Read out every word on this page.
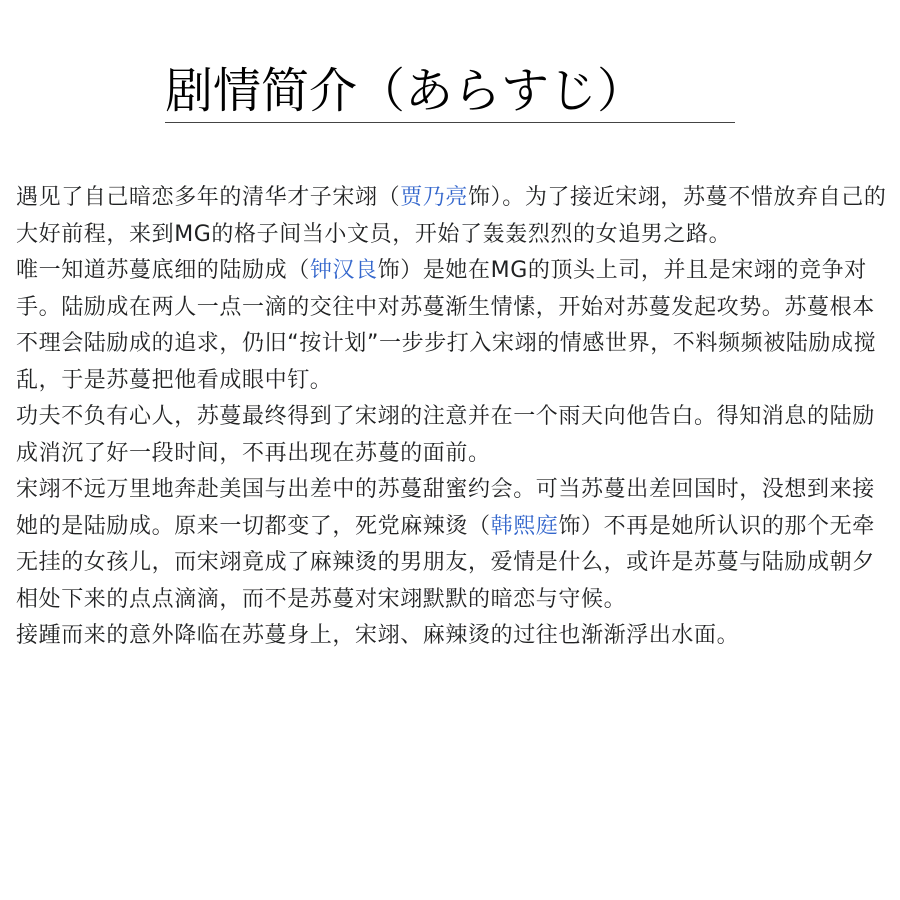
剧情简介（あらすじ）

遇见了自己暗恋多年的清华才子宋翊（贾乃亮饰）。为了接近宋翊，苏蔓不惜放弃自己的大好前程，来到MG的格子间当小文员，开始了轰轰烈烈的女追男之路。

唯一知道苏蔓底细的陆励成（钟汉良饰）是她在MG的顶头上司，并且是宋翊的竞争对手。陆励成在两人一点一滴的交往中对苏蔓渐生情愫，开始对苏蔓发起攻势。苏蔓根本不理会陆励成的追求，仍旧“按计划”一步步打入宋翊的情感世界，不料频频被陆励成搅乱，于是苏蔓把他看成眼中钉。

功夫不负有心人，苏蔓最终得到了宋翊的注意并在一个雨天向他告白。得知消息的陆励成消沉了好一段时间，不再出现在苏蔓的面前。

宋翊不远万里地奔赴美国与出差中的苏蔓甜蜜约会。可当苏蔓出差回国时，没想到来接她的是陆励成。原来一切都变了，死党麻辣烫（韩熙庭饰）不再是她所认识的那个无牵无挂的女孩儿，而宋翊竟成了麻辣烫的男朋友，爱情是什么，或许是苏蔓与陆励成朝夕相处下来的点点滴滴，而不是苏蔓对宋翊默默的暗恋与守候。

接踵而来的意外降临在苏蔓身上，宋翊、麻辣烫的过往也渐渐浮出水面。
